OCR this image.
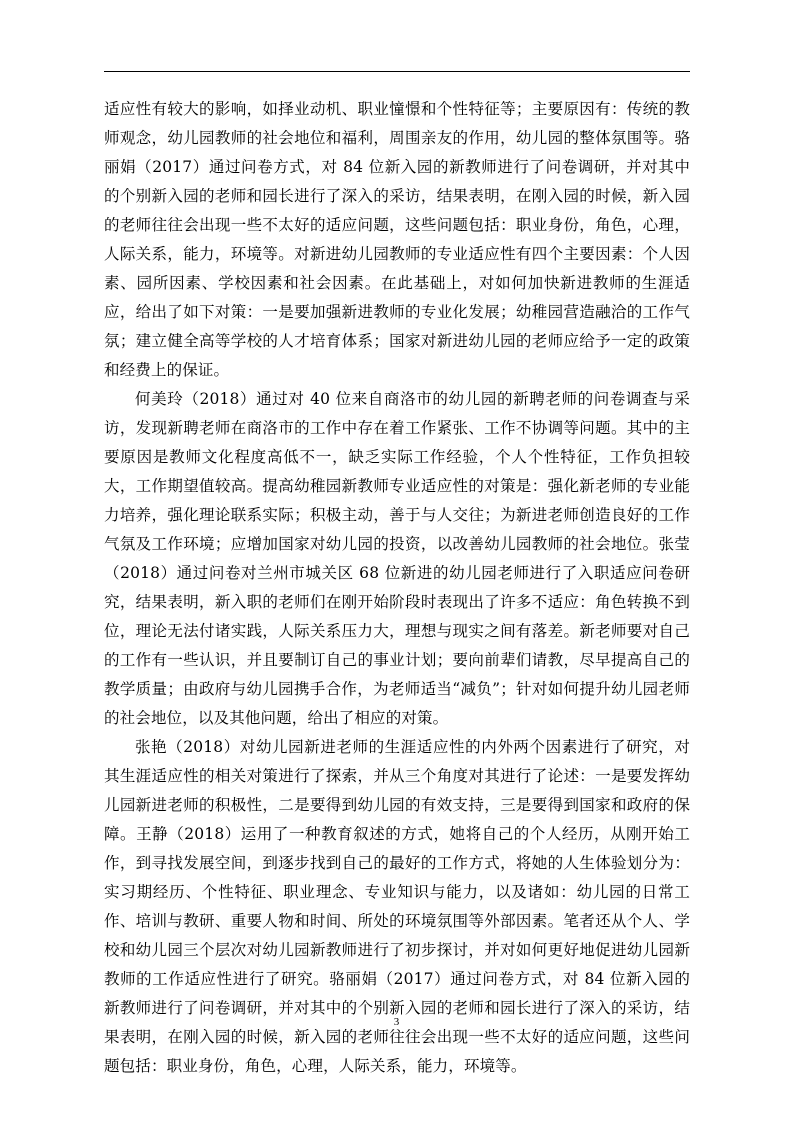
适应性有较大的影响，如择业动机、职业憧憬和个性特征等；主要原因有：传统的教师观念，幼儿园教师的社会地位和福利，周围亲友的作用，幼儿园的整体氛围等。骆丽娟（2017）通过问卷方式，对 84 位新入园的新教师进行了问卷调研，并对其中的个别新入园的老师和园长进行了深入的采访，结果表明，在刚入园的时候，新入园的老师往往会出现一些不太好的适应问题，这些问题包括：职业身份，角色，心理，人际关系，能力，环境等。对新进幼儿园教师的专业适应性有四个主要因素：个人因素、园所因素、学校因素和社会因素。在此基础上，对如何加快新进教师的生涯适应，给出了如下对策：一是要加强新进教师的专业化发展；幼稚园营造融洽的工作气氛；建立健全高等学校的人才培育体系；国家对新进幼儿园的老师应给予一定的政策和经费上的保证。

何美玲（2018）通过对 40 位来自商洛市的幼儿园的新聘老师的问卷调查与采访，发现新聘老师在商洛市的工作中存在着工作紧张、工作不协调等问题。其中的主要原因是教师文化程度高低不一，缺乏实际工作经验，个人个性特征，工作负担较大，工作期望值较高。提高幼稚园新教师专业适应性的对策是：强化新老师的专业能力培养，强化理论联系实际；积极主动，善于与人交往；为新进老师创造良好的工作气氛及工作环境；应增加国家对幼儿园的投资，以改善幼儿园教师的社会地位。张莹（2018）通过问卷对兰州市城关区 68 位新进的幼儿园老师进行了入职适应问卷研究，结果表明，新入职的老师们在刚开始阶段时表现出了许多不适应：角色转换不到位，理论无法付诸实践，人际关系压力大，理想与现实之间有落差。新老师要对自己的工作有一些认识，并且要制订自己的事业计划；要向前辈们请教，尽早提高自己的教学质量；由政府与幼儿园携手合作，为老师适当“减负”；针对如何提升幼儿园老师的社会地位，以及其他问题，给出了相应的对策。

张艳（2018）对幼儿园新进老师的生涯适应性的内外两个因素进行了研究，对其生涯适应性的相关对策进行了探索，并从三个角度对其进行了论述：一是要发挥幼儿园新进老师的积极性，二是要得到幼儿园的有效支持，三是要得到国家和政府的保障。王静（2018）运用了一种教育叙述的方式，她将自己的个人经历，从刚开始工作，到寻找发展空间，到逐步找到自己的最好的工作方式，将她的人生体验划分为：实习期经历、个性特征、职业理念、专业知识与能力，以及诸如：幼儿园的日常工作、培训与教研、重要人物和时间、所处的环境氛围等外部因素。笔者还从个人、学校和幼儿园三个层次对幼儿园新教师进行了初步探讨，并对如何更好地促进幼儿园新教师的工作适应性进行了研究。骆丽娟（2017）通过问卷方式，对 84 位新入园的新教师进行了问卷调研，并对其中的个别新入园的老师和园长进行了深入的采访，结果表明，在刚入园的时候，新入园的老师往往会出现一些不太好的适应问题，这些问题包括：职业身份，角色，心理，人际关系，能力，环境等。

3
